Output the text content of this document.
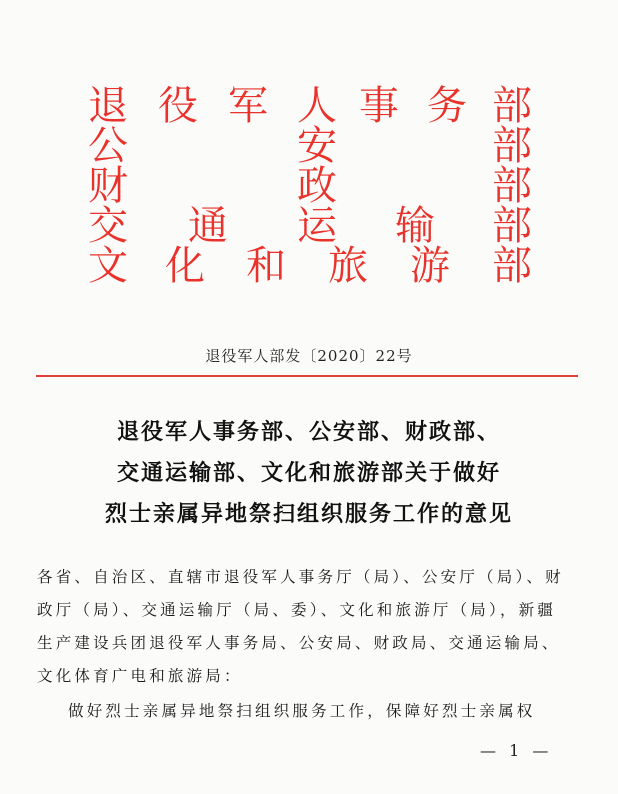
退 役 军 人 事 务 部
公	安	部
财	政	部
交 通 运 输 部
文 化 和 旅 游 部
退役军人部发〔2020〕22号
退役军人事务部、公安部、财政部、
交通运输部、文化和旅游部关于做好
烈士亲属异地祭扫组织服务工作的意见
各省、自治区、直辖市退役军人事务厅（局）、公安厅（局）、财
政厅（局）、交通运输厅（局、委）、文化和旅游厅（局），新疆
生产建设兵团退役军人事务局、公安局、财政局、交通运输局、
文化体育广电和旅游局：
做好烈士亲属异地祭扫组织服务工作，保障好烈士亲属权
— 1 —
